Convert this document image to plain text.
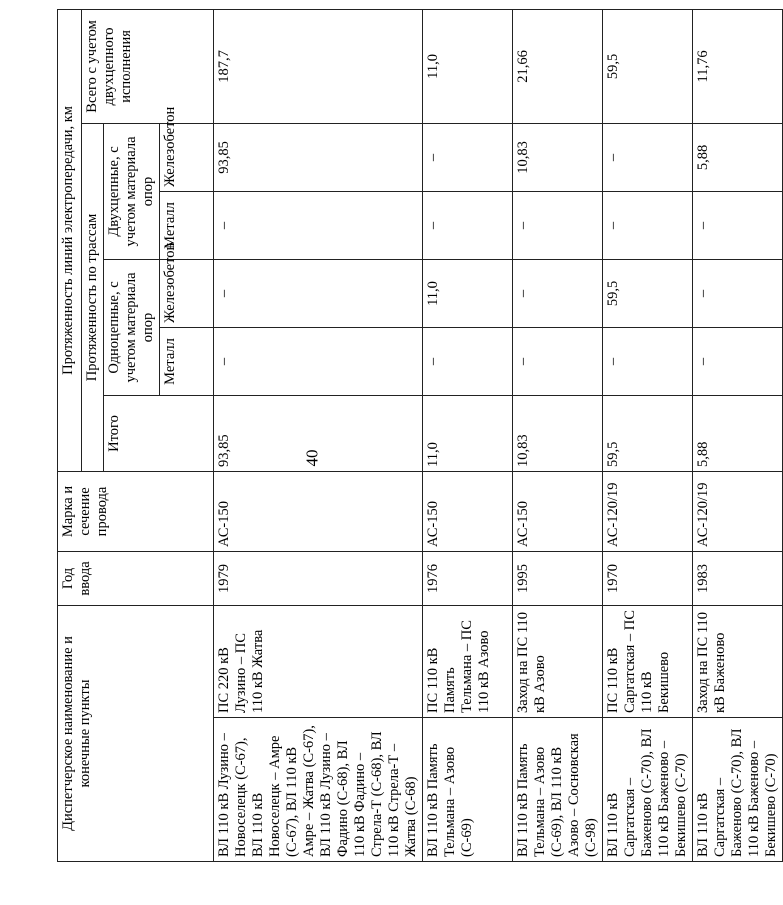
40
Диспетчерское наименование и конечные пункты		Год ввода	Марка и сечение провода	Протяженность линий электропередачи, км					
				Протяженность по трассам					Всего с учетом двухцепного исполнения
				Итого	Одноцепные, с учетом материала опор		Двухцепные, с учетом материала опор		
					Металл	Железобетон	Металл	Железобетон	
ВЛ 110 кВ Лузино – Новоселецк (С-67), ВЛ 110 кВ Новоселецк – Амре (С-67), ВЛ 110 кВ Амре – Жатва (С-67), ВЛ 110 кВ Лузино – Фадино (С-68), ВЛ 110 кВ Фадино – Стрела-Т (С-68), ВЛ 110 кВ Стрела-Т – Жатва (С-68)	ПС 220 кВ Лузино – ПС 110 кВ Жатва	1979	АС-150	93,85	–	–	–	93,85	187,7
ВЛ 110 кВ Память Тельмана – Азово (С-69)	ПС 110 кВ Память Тельмана – ПС 110 кВ Азово	1976	АС-150	11,0	–	11,0	–	–	11,0
ВЛ 110 кВ Память Тельмана – Азово (С-69), ВЛ 110 кВ Азово – Сосновская (С-98)	Заход на ПС 110 кВ Азово	1995	АС-150	10,83	–	–	–	10,83	21,66
ВЛ 110 кВ Саргатская – Баженово (С-70), ВЛ 110 кВ Баженово – Бекишево (С-70)	ПС 110 кВ Саргатская – ПС 110 кВ Бекишево	1970	АС-120/19	59,5	–	59,5	–	–	59,5
ВЛ 110 кВ Саргатская – Баженово (С-70), ВЛ 110 кВ Баженово – Бекишево (С-70)	Заход на ПС 110 кВ Баженово	1983	АС-120/19	5,88	–	–	–	5,88	11,76
